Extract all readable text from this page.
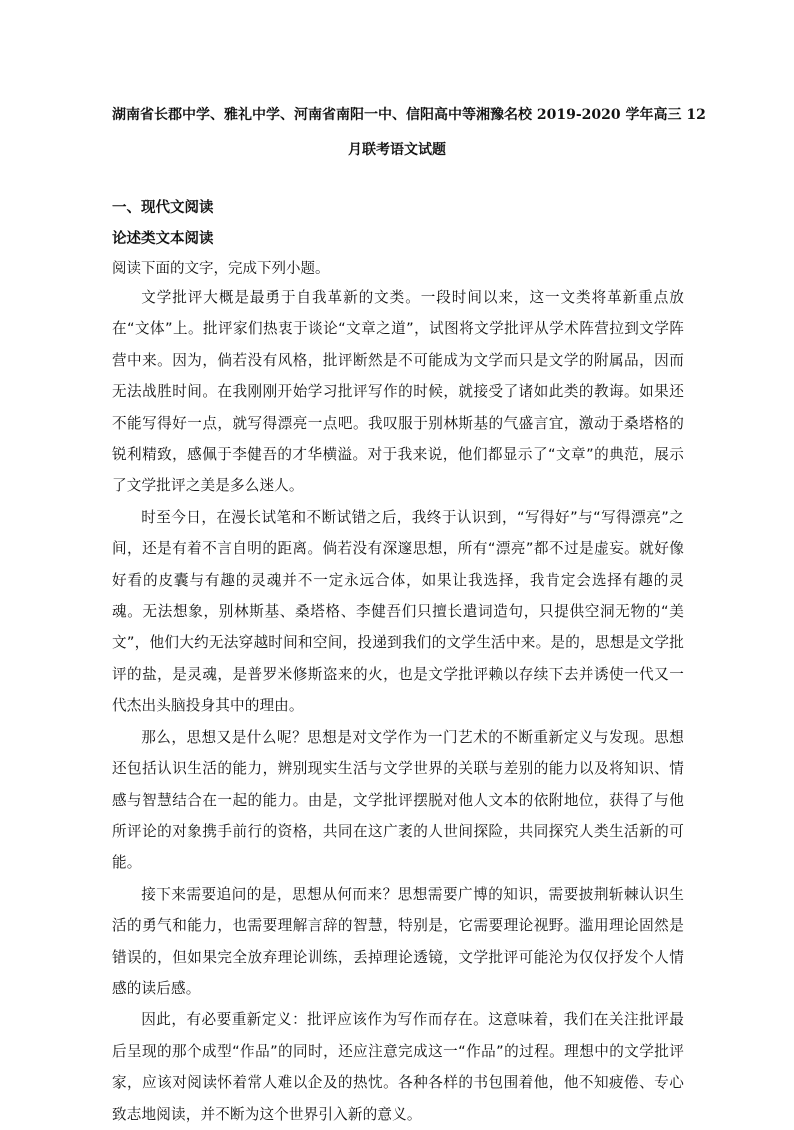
湖南省长郡中学、雅礼中学、河南省南阳一中、信阳高中等湘豫名校 2019-2020 学年高三 12
月联考语文试题
一、现代文阅读
论述类文本阅读
阅读下面的文字，完成下列小题。

文学批评大概是最勇于自我革新的文类。一段时间以来，这一文类将革新重点放在“文体”上。批评家们热衷于谈论“文章之道”，试图将文学批评从学术阵营拉到文学阵营中来。因为，倘若没有风格，批评断然是不可能成为文学而只是文学的附属品，因而无法战胜时间。在我刚刚开始学习批评写作的时候，就接受了诸如此类的教诲。如果还不能写得好一点，就写得漂亮一点吧。我叹服于别林斯基的气盛言宜，激动于桑塔格的锐利精致，感佩于李健吾的才华横溢。对于我来说，他们都显示了“文章”的典范，展示了文学批评之美是多么迷人。

时至今日，在漫长试笔和不断试错之后，我终于认识到，“写得好”与“写得漂亮”之间，还是有着不言自明的距离。倘若没有深邃思想，所有“漂亮”都不过是虚妄。就好像好看的皮囊与有趣的灵魂并不一定永远合体，如果让我选择，我肯定会选择有趣的灵魂。无法想象，别林斯基、桑塔格、李健吾们只擅长遣词造句，只提供空洞无物的“美文”，他们大约无法穿越时间和空间，投递到我们的文学生活中来。是的，思想是文学批评的盐，是灵魂，是普罗米修斯盗来的火，也是文学批评赖以存续下去并诱使一代又一代杰出头脑投身其中的理由。

那么，思想又是什么呢？思想是对文学作为一门艺术的不断重新定义与发现。思想还包括认识生活的能力，辨别现实生活与文学世界的关联与差别的能力以及将知识、情感与智慧结合在一起的能力。由是，文学批评摆脱对他人文本的依附地位，获得了与他所评论的对象携手前行的资格，共同在这广袤的人世间探险，共同探究人类生活新的可能。

接下来需要追问的是，思想从何而来？思想需要广博的知识，需要披荆斩棘认识生活的勇气和能力，也需要理解言辞的智慧，特别是，它需要理论视野。滥用理论固然是错误的，但如果完全放弃理论训练，丢掉理论透镜，文学批评可能沦为仅仅抒发个人情感的读后感。

因此，有必要重新定义：批评应该作为写作而存在。这意味着，我们在关注批评最后呈现的那个成型“作品”的同时，还应注意完成这一“作品”的过程。理想中的文学批评家，应该对阅读怀着常人难以企及的热忱。各种各样的书包围着他，他不知疲倦、专心致志地阅读，并不断为这个世界引入新的意义。
